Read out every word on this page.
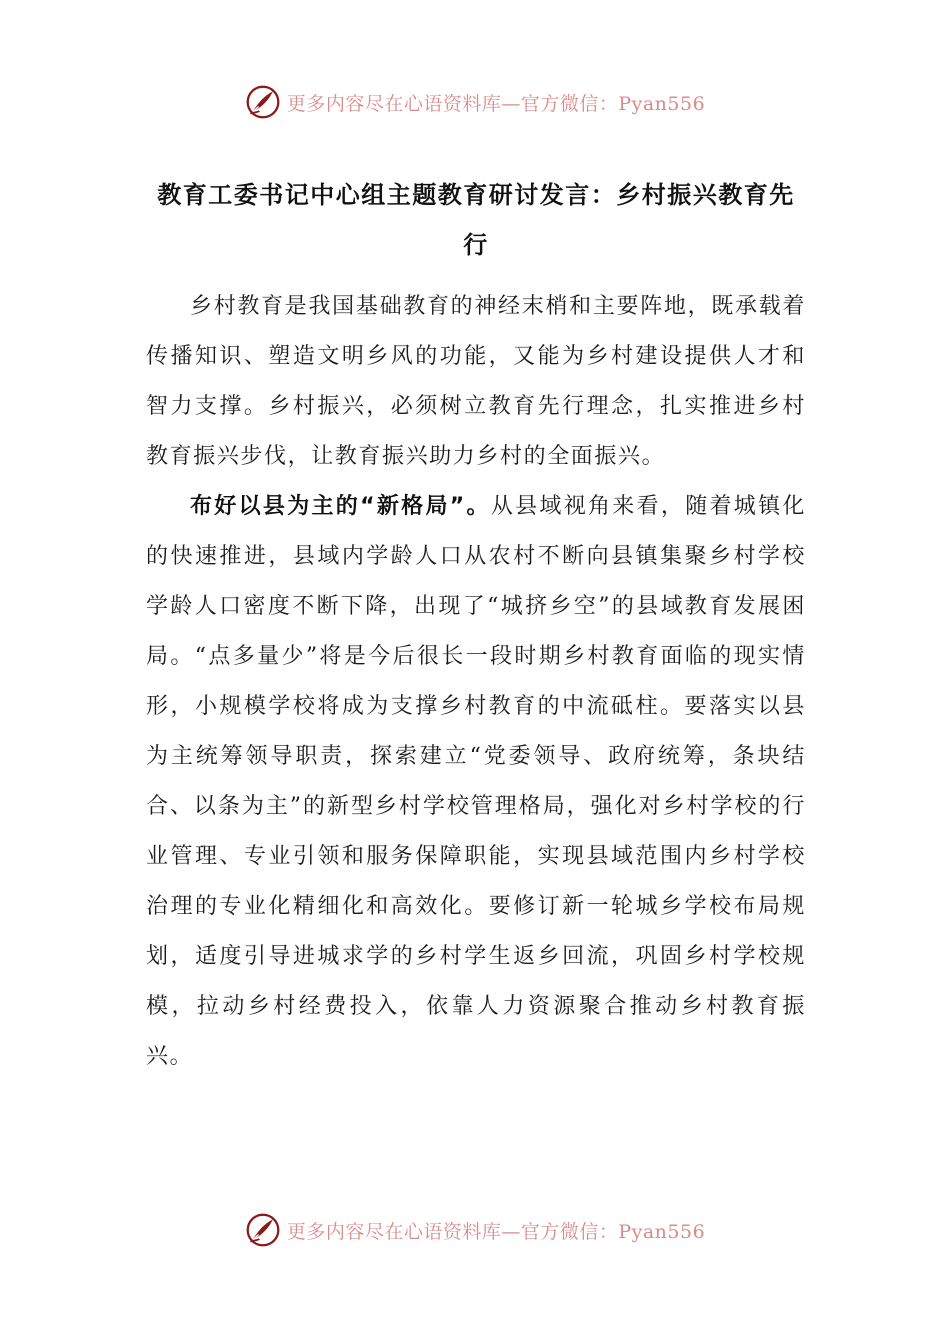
更多内容尽在心语资料库—官方微信：Pyan556
教育工委书记中心组主题教育研讨发言：乡村振兴教育先行

乡村教育是我国基础教育的神经末梢和主要阵地，既承载着传播知识、塑造文明乡风的功能，又能为乡村建设提供人才和智力支撑。乡村振兴，必须树立教育先行理念，扎实推进乡村教育振兴步伐，让教育振兴助力乡村的全面振兴。

布好以县为主的“新格局”。从县域视角来看，随着城镇化的快速推进，县域内学龄人口从农村不断向县镇集聚乡村学校学龄人口密度不断下降，出现了“城挤乡空”的县域教育发展困局。“点多量少”将是今后很长一段时期乡村教育面临的现实情形，小规模学校将成为支撑乡村教育的中流砥柱。要落实以县为主统筹领导职责，探索建立“党委领导、政府统筹，条块结合、以条为主”的新型乡村学校管理格局，强化对乡村学校的行业管理、专业引领和服务保障职能，实现县域范围内乡村学校治理的专业化精细化和高效化。要修订新一轮城乡学校布局规划，适度引导进城求学的乡村学生返乡回流，巩固乡村学校规模，拉动乡村经费投入，依靠人力资源聚合推动乡村教育振兴。

更多内容尽在心语资料库—官方微信：Pyan556
